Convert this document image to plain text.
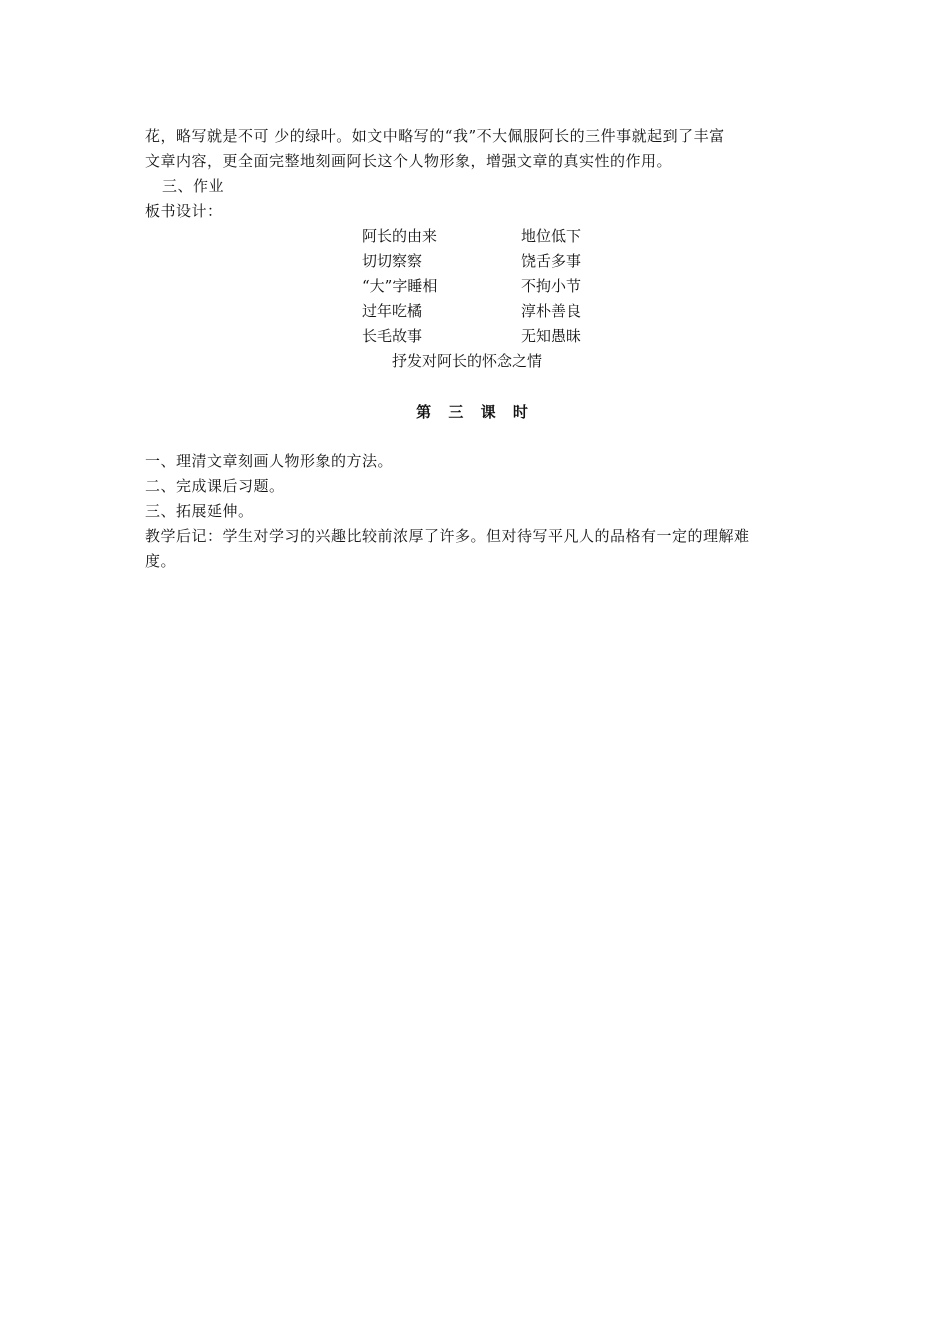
花，略写就是不可 少的绿叶。如文中略写的“我”不大佩服阿长的三件事就起到了丰富
文章内容，更全面完整地刻画阿长这个人物形象，增强文章的真实性的作用。
三、作业
板书设计：
阿长的由来	地位低下
切切察察	饶舌多事
“大”字睡相	不拘小节
过年吃橘	淳朴善良
长毛故事	无知愚昧
抒发对阿长的怀念之情
第 三 课 时
一、理清文章刻画人物形象的方法。
二、完成课后习题。
三、拓展延伸。
教学后记：学生对学习的兴趣比较前浓厚了许多。但对待写平凡人的品格有一定的理解难
度。
